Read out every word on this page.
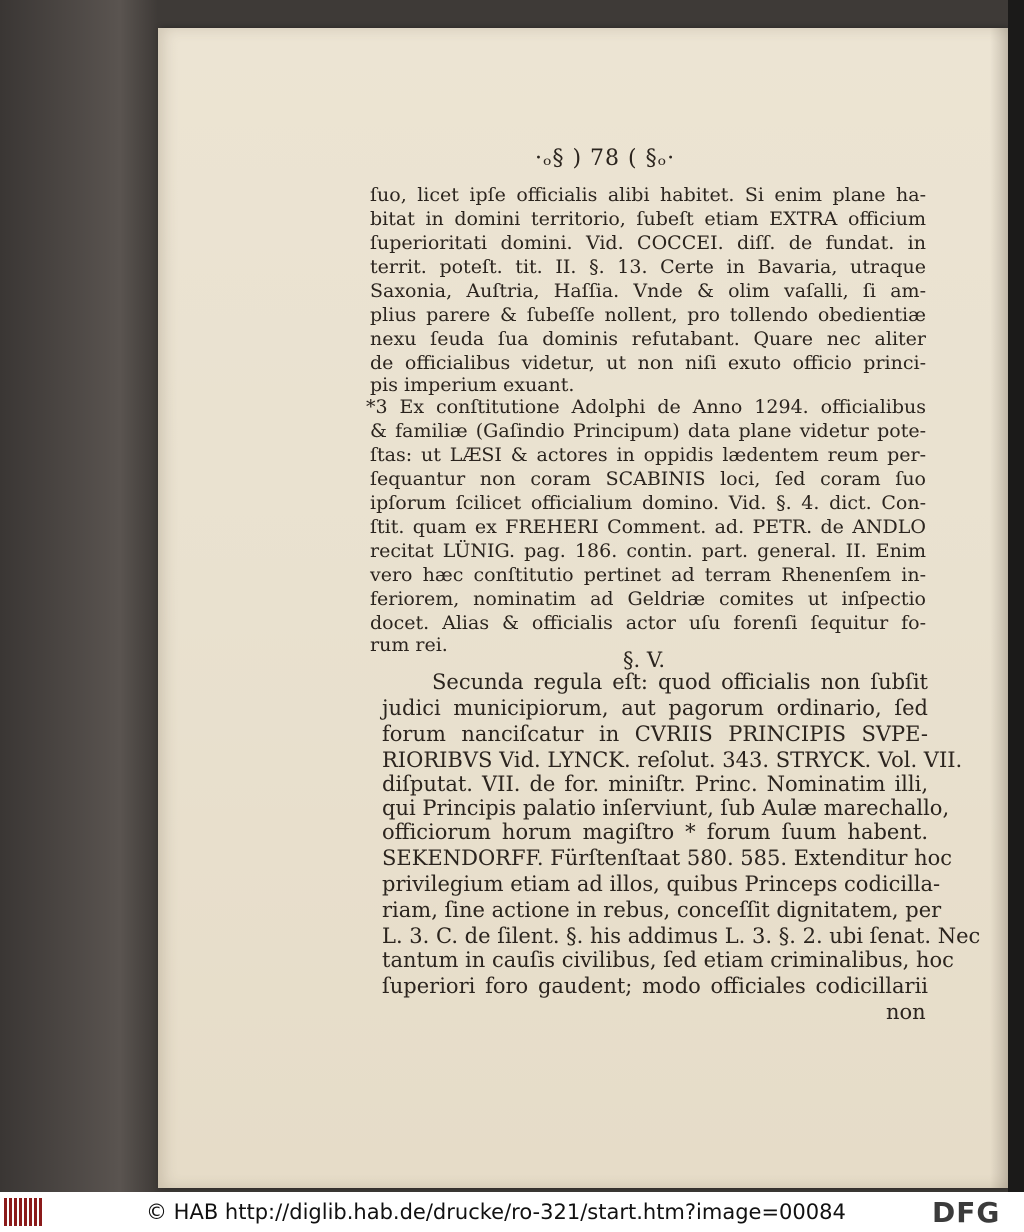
·ₒ§ ) 78 ( §ₒ·
ſuo, licet ipſe officialis alibi habitet. Si enim plane ha-
bitat in domini territorio, ſubeſt etiam EXTRA officium
ſuperioritati domini. Vid. COCCEI. diſſ. de fundat. in
territ. poteſt. tit. II. §. 13. Certe in Bavaria, utraque
Saxonia, Auſtria, Haſſia. Vnde & olim vaſalli, ſi am-
plius parere & ſubeſſe nollent, pro tollendo obedientiæ
nexu ſeuda ſua dominis refutabant. Quare nec aliter
de officialibus videtur, ut non niſi exuto officio princi-
pis imperium exuant.
*3 Ex conſtitutione Adolphi de Anno 1294. officialibus
& familiæ (Gaſindio Principum) data plane videtur pote-
ſtas: ut LÆSI & actores in oppidis lædentem reum per-
ſequantur non coram SCABINIS loci, ſed coram ſuo
ipſorum ſcilicet officialium domino. Vid. §. 4. dict. Con-
ſtit. quam ex FREHERI Comment. ad. PETR. de ANDLO
recitat LÜNIG. pag. 186. contin. part. general. II. Enim
vero hæc conſtitutio pertinet ad terram Rhenenſem in-
feriorem, nominatim ad Geldriæ comites ut inſpectio
docet. Alias & officialis actor uſu forenſi ſequitur fo-
rum rei.
§. V.
Secunda regula eſt: quod officialis non ſubſit
judici municipiorum, aut pagorum ordinario, ſed
forum nanciſcatur in CVRIIS PRINCIPIS SVPE-
RIORIBVS Vid. LYNCK. reſolut. 343. STRYCK. Vol. VII.
diſputat. VII. de for. miniſtr. Princ. Nominatim illi,
qui Principis palatio inſerviunt, ſub Aulæ marechallo,
officiorum horum magiſtro * forum ſuum habent.
SEKENDORFF. Fürſtenſtaat 580. 585. Extenditur hoc
privilegium etiam ad illos, quibus Princeps codicilla-
riam, ſine actione in rebus, conceſſit dignitatem, per
L. 3. C. de ſilent. §. his addimus L. 3. §. 2. ubi ſenat. Nec
tantum in cauſis civilibus, ſed etiam criminalibus, hoc
ſuperiori foro gaudent; modo officiales codicillarii
non
© HAB http://diglib.hab.de/drucke/ro-321/start.htm?image=00084	DFG
